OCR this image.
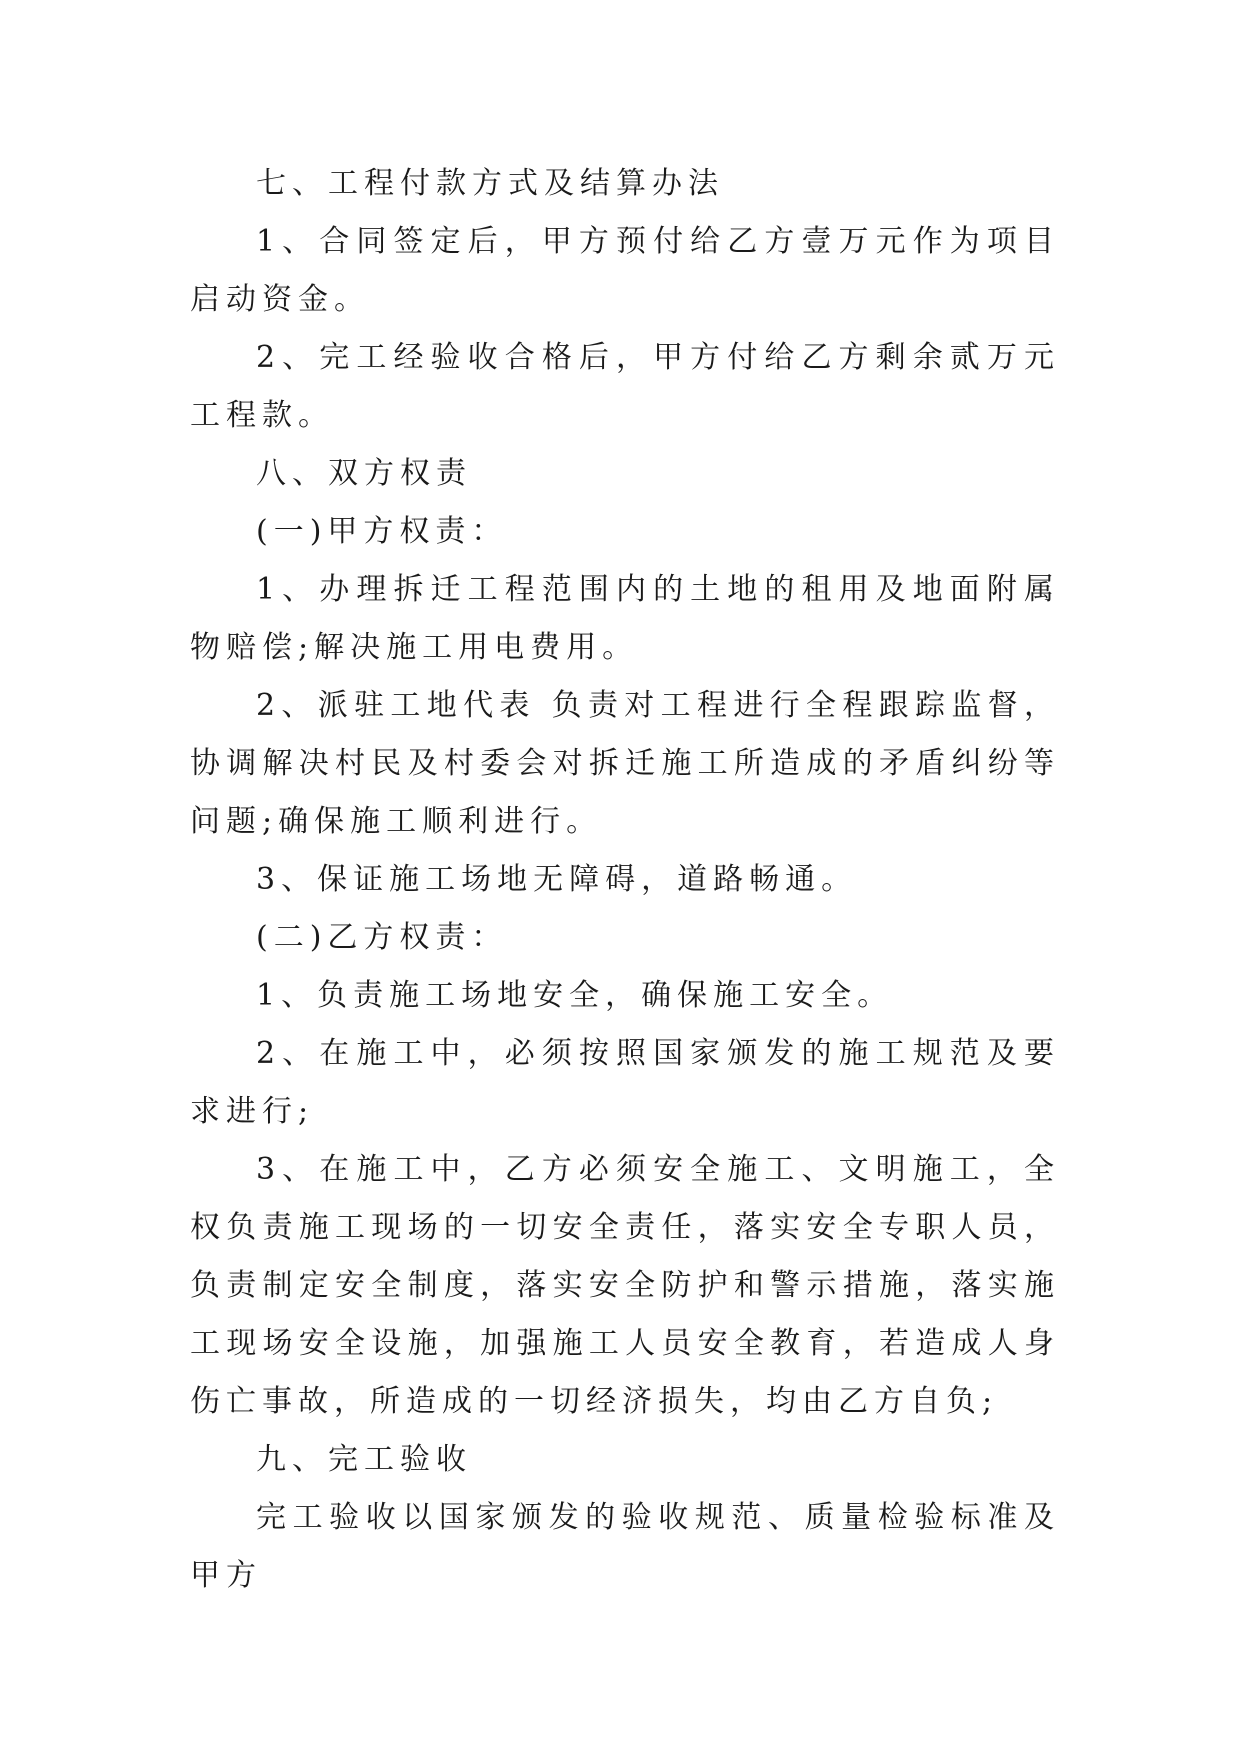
七、工程付款方式及结算办法

1、合同签定后，甲方预付给乙方壹万元作为项目启动资金。

2、完工经验收合格后，甲方付给乙方剩余贰万元工程款。

八、双方权责

(一)甲方权责：

1、办理拆迁工程范围内的土地的租用及地面附属物赔偿;解决施工用电费用。

2、派驻工地代表 负责对工程进行全程跟踪监督，协调解决村民及村委会对拆迁施工所造成的矛盾纠纷等问题;确保施工顺利进行。

3、保证施工场地无障碍，道路畅通。

(二)乙方权责：

1、负责施工场地安全，确保施工安全。

2、在施工中，必须按照国家颁发的施工规范及要求进行;

3、在施工中，乙方必须安全施工、文明施工，全权负责施工现场的一切安全责任，落实安全专职人员，负责制定安全制度，落实安全防护和警示措施，落实施工现场安全设施，加强施工人员安全教育，若造成人身伤亡事故，所造成的一切经济损失，均由乙方自负;

九、完工验收

完工验收以国家颁发的验收规范、质量检验标准及甲方
